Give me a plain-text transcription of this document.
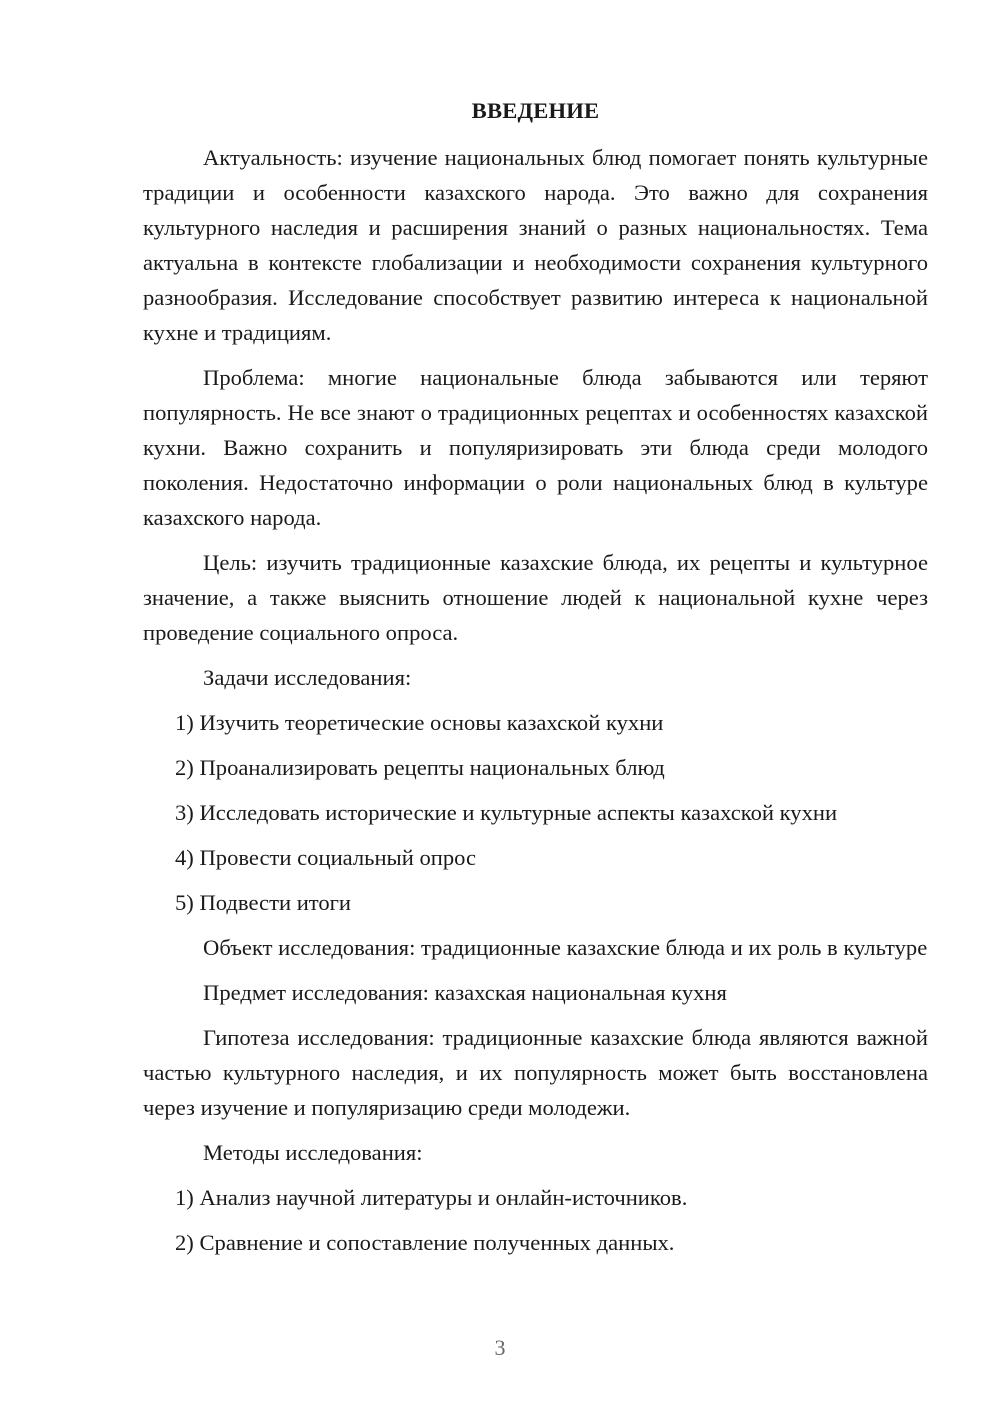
ВВЕДЕНИЕ

Актуальность: изучение национальных блюд помогает понять культурные традиции и особенности казахского народа. Это важно для сохранения культурного наследия и расширения знаний о разных национальностях. Тема актуальна в контексте глобализации и необходимости сохранения культурного разнообразия. Исследование способствует развитию интереса к национальной кухне и традициям.

Проблема: многие национальные блюда забываются или теряют популярность. Не все знают о традиционных рецептах и особенностях казахской кухни. Важно сохранить и популяризировать эти блюда среди молодого поколения. Недостаточно информации о роли национальных блюд в культуре казахского народа.

Цель: изучить традиционные казахские блюда, их рецепты и культурное значение, а также выяснить отношение людей к национальной кухне через проведение социального опроса.

Задачи исследования:

1) Изучить теоретические основы казахской кухни
2) Проанализировать рецепты национальных блюд
3) Исследовать исторические и культурные аспекты казахской кухни
4) Провести социальный опрос
5) Подвести итоги

Объект исследования: традиционные казахские блюда и их роль в культуре

Предмет исследования: казахская национальная кухня

Гипотеза исследования: традиционные казахские блюда являются важной частью культурного наследия, и их популярность может быть восстановлена через изучение и популяризацию среди молодежи.

Методы исследования:

1) Анализ научной литературы и онлайн-источников.
2) Сравнение и сопоставление полученных данных.
3
